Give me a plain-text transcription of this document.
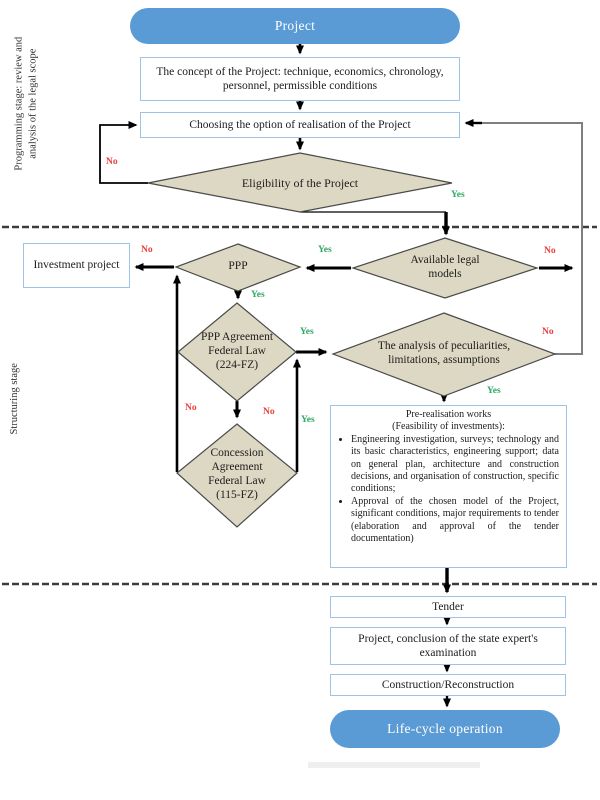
Programming stage: review and analysis of the legal scope
Structuring stage
Project
The concept of the Project: technique, economics, chronology, personnel, permissible conditions
Choosing the option of realisation of the Project
Investment project
Eligibility of the Project
Available legal models
PPP
PPP Agreement Federal Law (224-FZ)
The analysis of peculiarities, limitations, assumptions
Concession Agreement Federal Law (115-FZ)
Pre-realisation works
(Feasibility of investments):
• Engineering investigation, surveys; technology and its basic characteristics, engineering support; data on general plan, architecture and construction decisions, and organisation of construction, specific conditions;
• Approval of the chosen model of the Project, significant conditions, major requirements to tender (elaboration and approval of the tender documentation)
Tender
Project, conclusion of the state expert's examination
Construction/Reconstruction
Life-cycle operation
No
Yes
No	Yes	No
Yes
Yes	No
No	No
Yes
Yes
